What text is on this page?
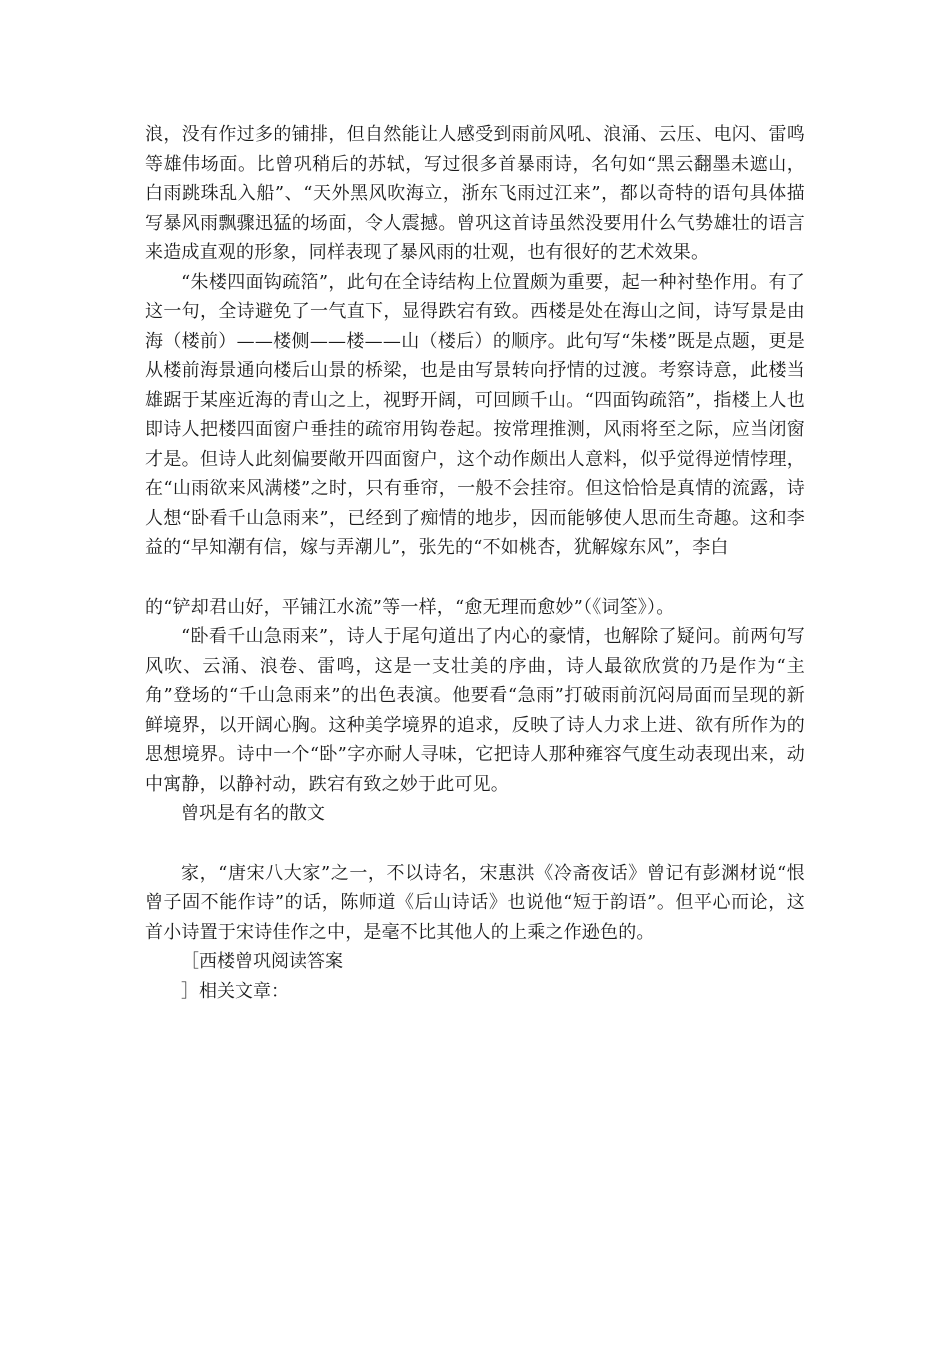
浪，没有作过多的铺排，但自然能让人感受到雨前风吼、浪涌、云压、电闪、雷鸣等雄伟场面。比曾巩稍后的苏轼，写过很多首暴雨诗，名句如“黑云翻墨未遮山，白雨跳珠乱入船”、“天外黑风吹海立，浙东飞雨过江来”，都以奇特的语句具体描写暴风雨飘骤迅猛的场面，令人震撼。曾巩这首诗虽然没要用什么气势雄壮的语言来造成直观的形象，同样表现了暴风雨的壮观，也有很好的艺术效果。

“朱楼四面钩疏箔”，此句在全诗结构上位置颇为重要，起一种衬垫作用。有了这一句，全诗避免了一气直下，显得跌宕有致。西楼是处在海山之间，诗写景是由海（楼前）——楼侧——楼——山（楼后）的顺序。此句写“朱楼”既是点题，更是从楼前海景通向楼后山景的桥梁，也是由写景转向抒情的过渡。考察诗意，此楼当雄踞于某座近海的青山之上，视野开阔，可回顾千山。“四面钩疏箔”，指楼上人也即诗人把楼四面窗户垂挂的疏帘用钩卷起。按常理推测，风雨将至之际，应当闭窗才是。但诗人此刻偏要敞开四面窗户，这个动作颇出人意料，似乎觉得逆情悖理，在“山雨欲来风满楼”之时，只有垂帘，一般不会挂帘。但这恰恰是真情的流露，诗人想“卧看千山急雨来”，已经到了痴情的地步，因而能够使人思而生奇趣。这和李益的“早知潮有信，嫁与弄潮儿”，张先的“不如桃杏，犹解嫁东风”，李白

的“铲却君山好，平铺江水流”等一样，“愈无理而愈妙”（《词筌》）。

“卧看千山急雨来”，诗人于尾句道出了内心的豪情，也解除了疑问。前两句写风吹、云涌、浪卷、雷鸣，这是一支壮美的序曲，诗人最欲欣赏的乃是作为“主角”登场的“千山急雨来”的出色表演。他要看“急雨”打破雨前沉闷局面而呈现的新鲜境界，以开阔心胸。这种美学境界的追求，反映了诗人力求上进、欲有所作为的思想境界。诗中一个“卧”字亦耐人寻味，它把诗人那种雍容气度生动表现出来，动中寓静，以静衬动，跌宕有致之妙于此可见。

曾巩是有名的散文

家，“唐宋八大家”之一，不以诗名，宋惠洪《冷斋夜话》曾记有彭渊材说“恨曾子固不能作诗”的话，陈师道《后山诗话》也说他“短于韵语”。但平心而论，这首小诗置于宋诗佳作之中，是毫不比其他人的上乘之作逊色的。

［西楼曾巩阅读答案

］相关文章：
